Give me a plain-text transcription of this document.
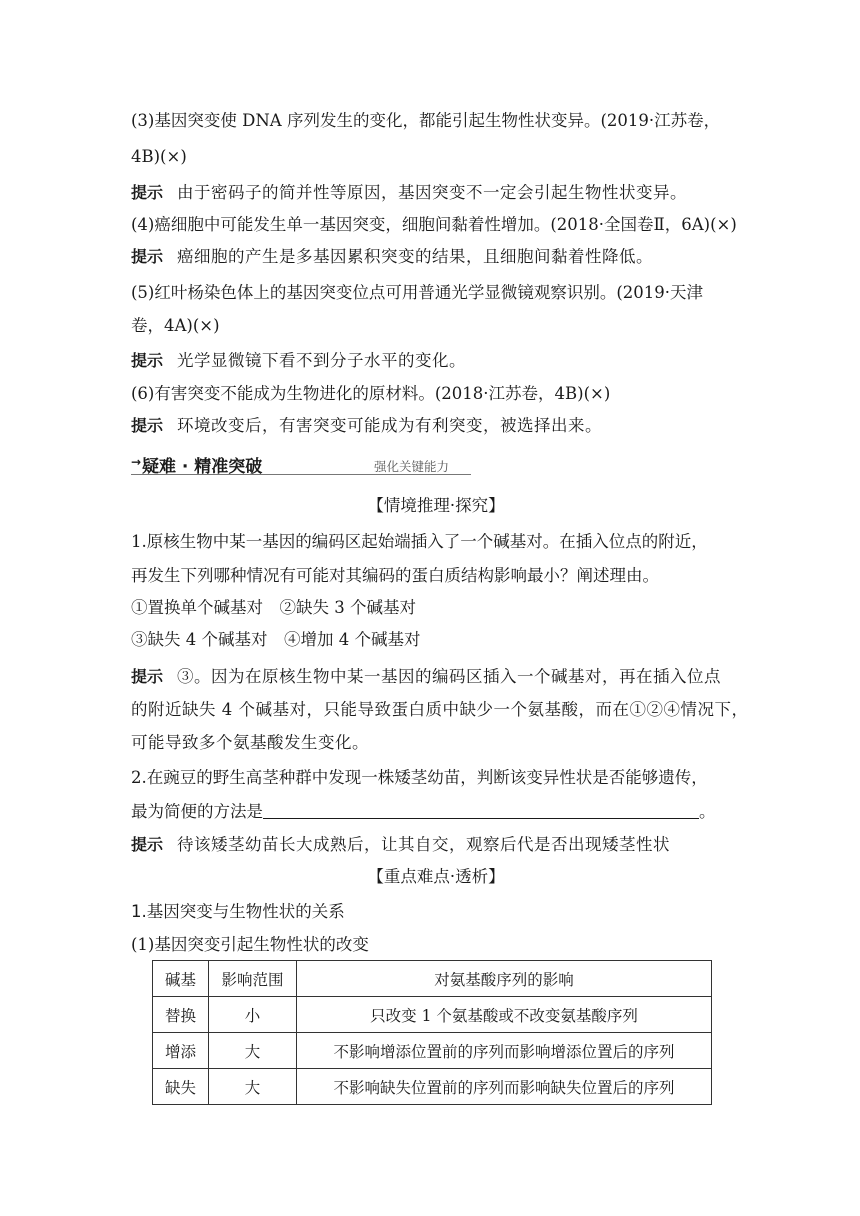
(3)基因突变使 DNA 序列发生的变化，都能引起生物性状变异。(2019·江苏卷，
4B)(×)
提示 由于密码子的简并性等原因，基因突变不一定会引起生物性状变异。
(4)癌细胞中可能发生单一基因突变，细胞间黏着性增加。(2018·全国卷Ⅱ，6A)(×)
提示 癌细胞的产生是多基因累积突变的结果，且细胞间黏着性降低。
(5)红叶杨染色体上的基因突变位点可用普通光学显微镜观察识别。(2019·天津
卷，4A)(×)
提示 光学显微镜下看不到分子水平的变化。
(6)有害突变不能成为生物进化的原材料。(2018·江苏卷，4B)(×)
提示 环境改变后，有害突变可能成为有利突变，被选择出来。
→ 疑难 · 精准突破	强化关键能力
【情境推理·探究】
1.原核生物中某一基因的编码区起始端插入了一个碱基对。在插入位点的附近，
再发生下列哪种情况有可能对其编码的蛋白质结构影响最小？阐述理由。
①置换单个碱基对　②缺失 3 个碱基对
③缺失 4 个碱基对　④增加 4 个碱基对
提示 ③。因为在原核生物中某一基因的编码区插入一个碱基对，再在插入位点
的附近缺失 4 个碱基对，只能导致蛋白质中缺少一个氨基酸，而在①②④情况下，
可能导致多个氨基酸发生变化。
2.在豌豆的野生高茎种群中发现一株矮茎幼苗，判断该变异性状是否能够遗传，
最为简便的方法是	。
提示 待该矮茎幼苗长大成熟后，让其自交，观察后代是否出现矮茎性状
【重点难点·透析】
1.基因突变与生物性状的关系
(1)基因突变引起生物性状的改变
碱基	影响范围	对氨基酸序列的影响
替换	小	只改变 1 个氨基酸或不改变氨基酸序列
增添	大	不影响增添位置前的序列而影响增添位置后的序列
缺失	大	不影响缺失位置前的序列而影响缺失位置后的序列
